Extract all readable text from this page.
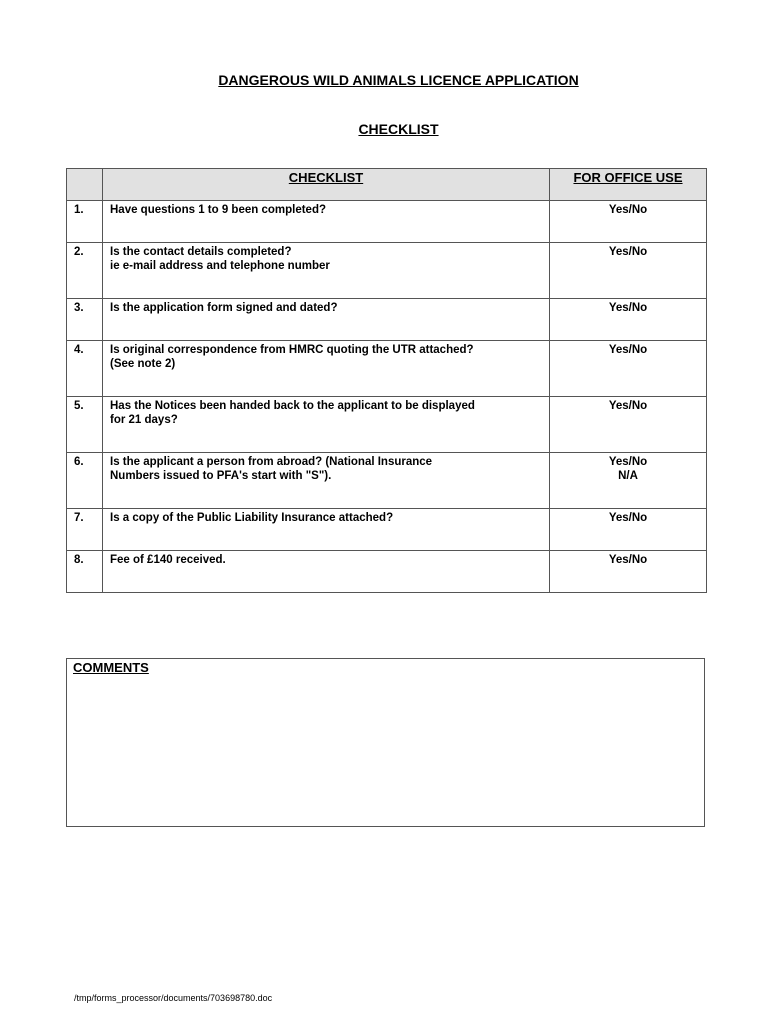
DANGEROUS WILD ANIMALS LICENCE APPLICATION
CHECKLIST
	CHECKLIST	FOR OFFICE USE
1.	Have questions 1 to 9 been completed?	Yes/No

2.	Is the contact details completed?
ie e-mail address and telephone number	Yes/No

3.	Is the application form signed and dated?	Yes/No

4.	Is original correspondence from HMRC quoting the UTR attached?
(See note 2)	Yes/No

5.	Has the Notices been handed back to the applicant to be displayed
for 21 days?	Yes/No

6.	Is the applicant a person from abroad? (National Insurance
Numbers issued to PFA's start with "S").	Yes/No
N/A

7.	Is a copy of the Public Liability Insurance attached?	Yes/No

8.	Fee of £140 received.	Yes/No
COMMENTS
/tmp/forms_processor/documents/703698780.doc
